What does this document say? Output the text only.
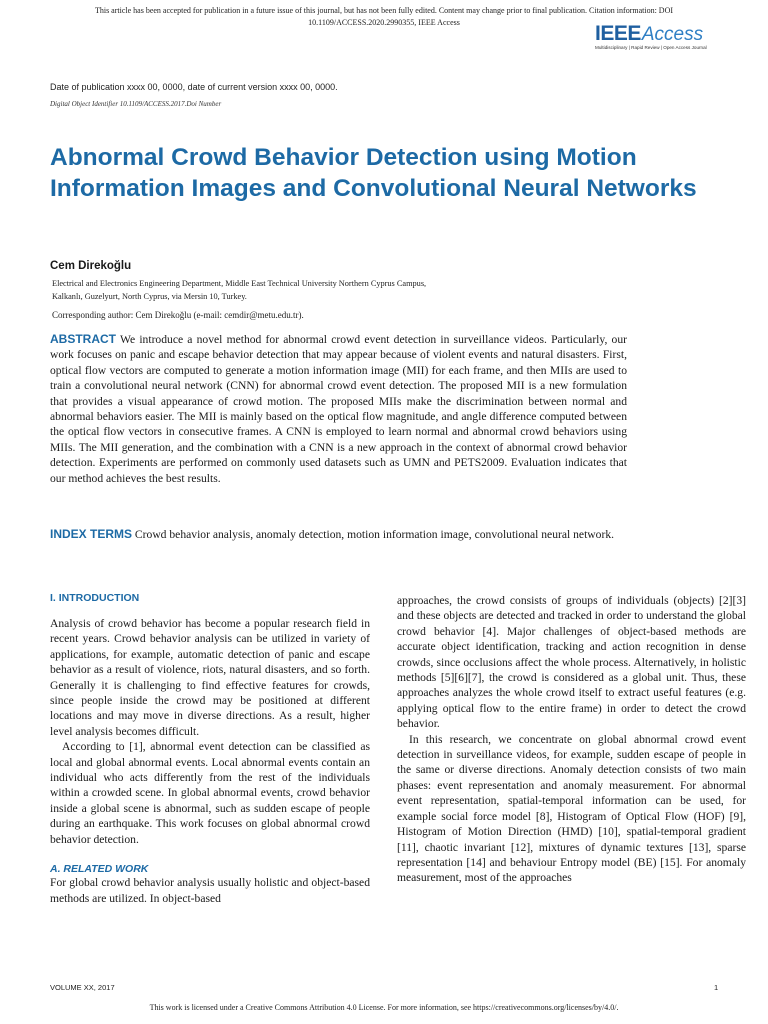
This article has been accepted for publication in a future issue of this journal, but has not been fully edited. Content may change prior to final publication. Citation information: DOI
10.1109/ACCESS.2020.2990355, IEEE Access	IEEE Access
Multidisciplinary | Rapid Review | Open Access Journal
Date of publication xxxx 00, 0000, date of current version xxxx 00, 0000.
Digital Object Identifier 10.1109/ACCESS.2017.Doi Number
Abnormal Crowd Behavior Detection using Motion Information Images and Convolutional Neural Networks
Cem Direkoğlu
Electrical and Electronics Engineering Department, Middle East Technical University Northern Cyprus Campus,
Kalkanlı, Guzelyurt, North Cyprus, via Mersin 10, Turkey.
Corresponding author: Cem Direkoğlu (e-mail: cemdir@metu.edu.tr).

ABSTRACT We introduce a novel method for abnormal crowd event detection in surveillance videos. Particularly, our work focuses on panic and escape behavior detection that may appear because of violent events and natural disasters. First, optical flow vectors are computed to generate a motion information image (MII) for each frame, and then MIIs are used to train a convolutional neural network (CNN) for abnormal crowd event detection. The proposed MII is a new formulation that provides a visual appearance of crowd motion. The proposed MIIs make the discrimination between normal and abnormal behaviors easier. The MII is mainly based on the optical flow magnitude, and angle difference computed between the optical flow vectors in consecutive frames. A CNN is employed to learn normal and abnormal crowd behaviors using MIIs. The MII generation, and the combination with a CNN is a new approach in the context of abnormal crowd behavior detection. Experiments are performed on commonly used datasets such as UMN and PETS2009. Evaluation indicates that our method achieves the best results.

INDEX TERMS Crowd behavior analysis, anomaly detection, motion information image, convolutional neural network.

I. INTRODUCTION

Analysis of crowd behavior has become a popular research field in recent years. Crowd behavior analysis can be utilized in variety of applications, for example, automatic detection of panic and escape behavior as a result of violence, riots, natural disasters, and so forth. Generally it is challenging to find effective features for crowds, since people inside the crowd may be positioned at different locations and may move in diverse directions. As a result, higher level analysis becomes difficult.

According to [1], abnormal event detection can be classified as local and global abnormal events. Local abnormal events contain an individual who acts differently from the rest of the individuals within a crowded scene. In global abnormal events, crowd behavior inside a global scene is abnormal, such as sudden escape of people during an earthquake. This work focuses on global abnormal crowd behavior detection.

A. RELATED WORK

For global crowd behavior analysis usually holistic and object-based methods are utilized. In object-based

approaches, the crowd consists of groups of individuals (objects) [2][3] and these objects are detected and tracked in order to understand the global crowd behavior [4]. Major challenges of object-based methods are accurate object identification, tracking and action recognition in dense crowds, since occlusions affect the whole process. Alternatively, in holistic methods [5][6][7], the crowd is considered as a global unit. Thus, these approaches analyzes the whole crowd itself to extract useful features (e.g. applying optical flow to the entire frame) in order to detect the crowd behavior.

In this research, we concentrate on global abnormal crowd event detection in surveillance videos, for example, sudden escape of people in the same or diverse directions. Anomaly detection consists of two main phases: event representation and anomaly measurement. For abnormal event representation, spatial-temporal information can be used, for example social force model [8], Histogram of Optical Flow (HOF) [9], Histogram of Motion Direction (HMD) [10], spatial-temporal gradient [11], chaotic invariant [12], mixtures of dynamic textures [13], sparse representation [14] and behaviour Entropy model (BE) [15]. For anomaly measurement, most of the approaches

VOLUME XX, 2017	1
This work is licensed under a Creative Commons Attribution 4.0 License. For more information, see https://creativecommons.org/licenses/by/4.0/.
